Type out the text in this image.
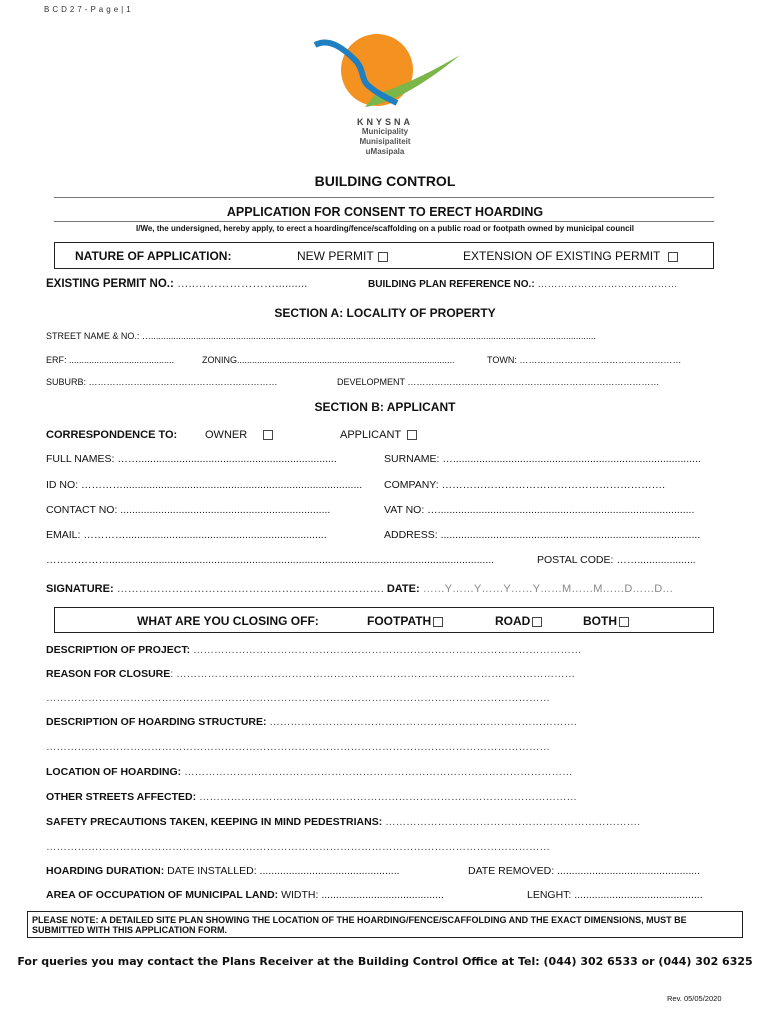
BCD27-Page|1
KNYSNA
Municipality
Munisipaliteit
uMasipala
BUILDING CONTROL
APPLICATION FOR CONSENT TO ERECT HOARDING
I/We, the undersigned, hereby apply, to erect a hoarding/fence/scaffolding on a public road or footpath owned by municipal council
NATURE OF APPLICATION:	NEW PERMIT	EXTENSION OF EXISTING PERMIT
EXISTING PERMIT NO.: …..…………………..........	BUILDING PLAN REFERENCE NO.: ……………………………………
SECTION A: LOCALITY OF PROPERTY
STREET NAME & NO.: …..................................................................................................................................................................................
ERF: ..........................................	ZONING.......................................................................................	TOWN: ………………………………………………
SUBURB: ………………………………………………………	DEVELOPMENT …………………………………………………………………………
SECTION B: APPLICANT
CORRESPONDENCE TO:	OWNER	APPLICANT
FULL NAMES: ……....................................................................	SURNAME: ….....................................................................................
ID NO: ………….................................................................................. COMPANY: ……………………………………………………….
CONTACT NO: ........................................................................	VAT NO: …........................................................................................
EMAIL: ………….....................................................................	ADDRESS: .........................................................................................
………………....................................................................................................................................	POSTAL CODE: ……....................
SIGNATURE: ………………………………………………………………. DATE: ……Y……Y……Y……Y……M……M……D……D…
WHAT ARE YOU CLOSING OFF:	FOOTPATH	ROAD	BOTH
DESCRIPTION OF PROJECT: …………………………………………………………………………………………………
REASON FOR CLOSURE: ……………………………………………………………………………………………………
………………………………………………………………………………………………………………………………
DESCRIPTION OF HOARDING STRUCTURE: …………………………………………………………………………….
………………………………………………………………………………………………………………………………
LOCATION OF HOARDING: …………………………………………………………………………………………………
OTHER STREETS AFFECTED: ………………………………………………………………………………………………
SAFETY PRECAUTIONS TAKEN, KEEPING IN MIND PEDESTRIANS: ……………………………………………………………….
………………………………………………………………………………………………………………………………
HOARDING DURATION: DATE INSTALLED: ................................................	DATE REMOVED: .................................................
AREA OF OCCUPATION OF MUNICIPAL LAND: WIDTH: ..........................................	LENGHT: ............................................
PLEASE NOTE: A DETAILED SITE PLAN SHOWING THE LOCATION OF THE HOARDING/FENCE/SCAFFOLDING AND THE EXACT DIMENSIONS, MUST BE SUBMITTED WITH THIS APPLICATION FORM.
For queries you may contact the Plans Receiver at the Building Control Office at Tel: (044) 302 6533 or (044) 302 6325
Rev. 05/05/2020
